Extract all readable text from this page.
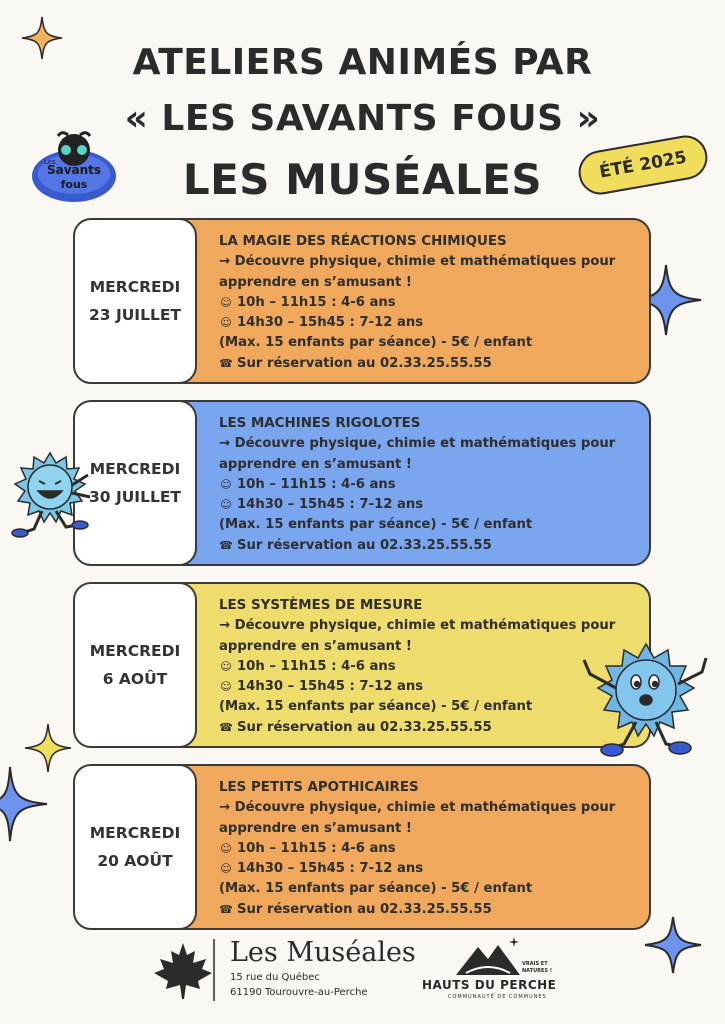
ATELIERS ANIMÉS PAR
« LES SAVANTS FOUS »
LES MUSÉALES	ÉTÉ 2025
Savants
fous
Les
MERCREDI
23 JUILLET
LA MAGIE DES RÉACTIONS CHIMIQUES
→ Découvre physique, chimie et mathématiques pour apprendre en s’amusant !
☺ 10h – 11h15 : 4-6 ans
☺ 14h30 – 15h45 : 7-12 ans
(Max. 15 enfants par séance) - 5€ / enfant
☎ Sur réservation au 02.33.25.55.55
MERCREDI
30 JUILLET
LES MACHINES RIGOLOTES
→ Découvre physique, chimie et mathématiques pour apprendre en s’amusant !
☺ 10h – 11h15 : 4-6 ans
☺ 14h30 – 15h45 : 7-12 ans
(Max. 15 enfants par séance) - 5€ / enfant
☎ Sur réservation au 02.33.25.55.55
MERCREDI
6 AOÛT
LES SYSTÈMES DE MESURE
→ Découvre physique, chimie et mathématiques pour apprendre en s’amusant !
☺ 10h – 11h15 : 4-6 ans
☺ 14h30 – 15h45 : 7-12 ans
(Max. 15 enfants par séance) - 5€ / enfant
☎ Sur réservation au 02.33.25.55.55
MERCREDI
20 AOÛT
LES PETITS APOTHICAIRES
→ Découvre physique, chimie et mathématiques pour apprendre en s’amusant !
☺ 10h – 11h15 : 4-6 ans
☺ 14h30 – 15h45 : 7-12 ans
(Max. 15 enfants par séance) - 5€ / enfant
☎ Sur réservation au 02.33.25.55.55
Les Muséales
15 rue du Québec
61190 Tourouvre-au-Perche
VRAIS ET
NATURES !
HAUTS DU PERCHE
COMMUNAUTÉ DE COMMUNES
